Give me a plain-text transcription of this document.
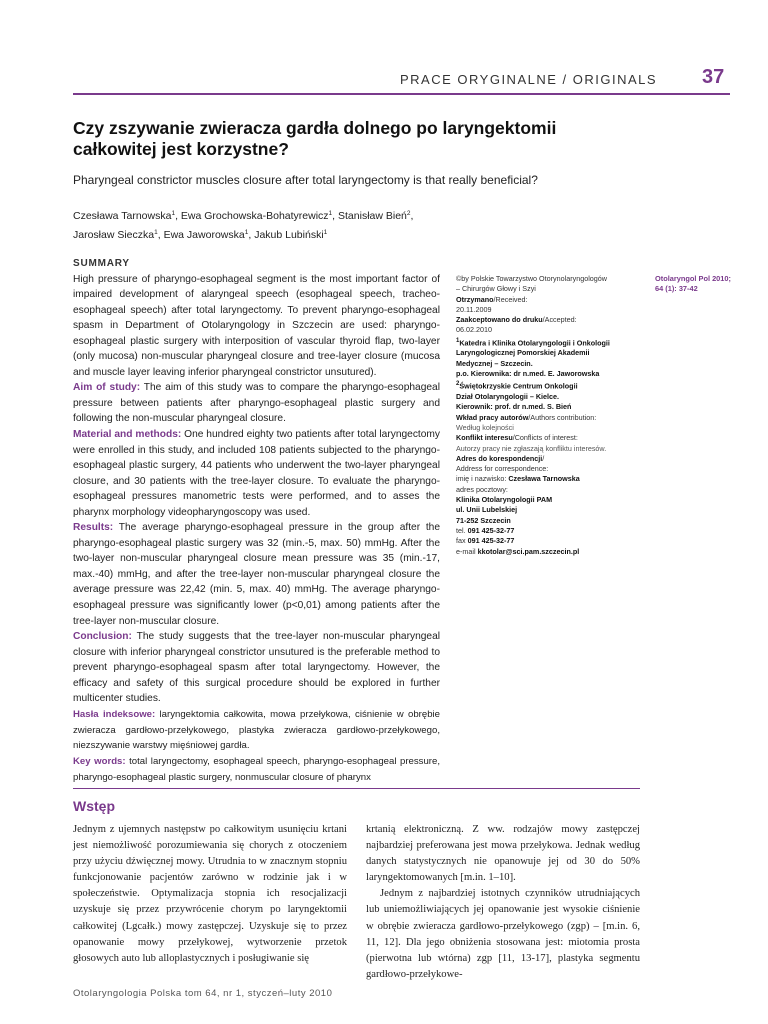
PRACE ORYGINALNE / ORIGINALS 37
Czy zszywanie zwieracza gardła dolnego po laryngektomii całkowitej jest korzystne?
Pharyngeal constrictor muscles closure after total laryngectomy is that really beneficial?
Czesława Tarnowska$^1$, Ewa Grochowska-Bohatyrewicz$^1$, Stanisław Bień$^2$,
Jarosław Sieczka$^1$, Ewa Jaworowska$^1$, Jakub Lubiński$^1$
SUMMARY

High pressure of pharyngo-esophageal segment is the most important factor of impaired development of alaryngeal speech (esophageal speech, tracheo-esophageal speech) after total laryngectomy. To prevent pharyngo-esophageal spasm in Department of Otolaryngology in Szczecin are used: pharyngo-esophageal plastic surgery with interposition of vascular thyroid flap, two-layer (only mucosa) non-muscular pharyngeal closure and tree-layer closure (mucosa and muscle layer leaving inferior pharyngeal constrictor unsutured).

Aim of study: The aim of this study was to compare the pharyngo-esophageal pressure between patients after pharyngo-esophageal plastic surgery and following the non-muscular pharyngeal closure.

Material and methods: One hundred eighty two patients after total laryngectomy were enrolled in this study, and included 108 patients subjected to the pharyngo-esophageal plastic surgery, 44 patients who underwent the two-layer pharyngeal closure, and 30 patients with the tree-layer closure. To evaluate the pharyngo-esophageal pressures manometric tests were performed, and to asses the pharynx morphology videopharyngoscopy was used.

Results: The average pharyngo-esophageal pressure in the group after the pharyngo-esophageal plastic surgery was 32 (min.-5, max. 50) mmHg. After the two-layer non-muscular pharyngeal closure mean pressure was 35 (min.-17, max.-40) mmHg, and after the tree-layer non-muscular pharyngeal closure the average pressure was 22,42 (min. 5, max. 40) mmHg. The average pharyngo-esophageal pressure was significantly lower (p<0,01) among patients after the tree-layer non-muscular closure.

Conclusion: The study suggests that the tree-layer non-muscular pharyngeal closure with inferior pharyngeal constrictor unsutured is the preferable method to prevent pharyngo-esophageal spasm after total laryngectomy. However, the efficacy and safety of this surgical procedure should be explored in further multicenter studies.

Hasła indeksowe: laryngektomia całkowita, mowa przełykowa, ciśnienie w obrębie zwieracza gardłowo-przełykowego, plastyka zwieracza gardłowo-przełykowego, niezszywanie warstwy mięśniowej gardła.

Key words: total laryngectomy, esophageal speech, pharyngo-esophageal pressure, pharyngo-esophageal plastic surgery, nonmuscular closure of pharynx

©by Polskie Towarzystwo Otorynolaryngologów
– Chirurgów Głowy i Szyi
Otrzymano/Received:
20.11.2009
Zaakceptowano do druku/Accepted:
06.02.2010
$^1$Katedra i Klinika Otolaryngologii i Onkologii
Laryngologicznej Pomorskiej Akademii
Medycznej – Szczecin.
p.o. Kierownika: dr n.med. E. Jaworowska
$^2$Świętokrzyskie Centrum Onkologii
Dział Otolaryngologii – Kielce.
Kierownik: prof. dr n.med. S. Bień
Wkład pracy autorów/Authors contribution:
Według kolejności
Konflikt interesu/Conflicts of interest:
Autorzy pracy nie zgłaszają konfliktu interesów.
Adres do korespondencji/
Address for correspondence:
imię i nazwisko: Czesława Tarnowska
adres pocztowy:
Klinika Otolaryngologii PAM
ul. Unii Lubelskiej
71-252 Szczecin
tel. 091 425-32-77
fax 091 425-32-77
e-mail kkotolar@sci.pam.szczecin.pl
Otolaryngol Pol 2010;
64 (1): 37-42
Wstęp

Jednym z ujemnych następstw po całkowitym usunięciu krtani jest niemożliwość porozumiewania się chorych z otoczeniem przy użyciu dźwięcznej mowy. Utrudnia to w znacznym stopniu funkcjonowanie pacjentów zarówno w rodzinie jak i w społeczeństwie. Optymalizacja stopnia ich resocjalizacji uzyskuje się przez przywrócenie chorym po laryngektomii całkowitej (Lgcałk.) mowy zastępczej. Uzyskuje się to przez opanowanie mowy przełykowej, wytworzenie przetok głosowych auto lub alloplastycznych i posługiwanie się

krtanią elektroniczną. Z ww. rodzajów mowy zastępczej najbardziej preferowana jest mowa przełykowa. Jednak według danych statystycznych nie opanowuje jej od 30 do 50% laryngektomowanych [m.in. 1–10].

Jednym z najbardziej istotnych czynników utrudniających lub uniemożliwiających jej opanowanie jest wysokie ciśnienie w obrębie zwieracza gardłowo-przełykowego (zgp) – [m.in. 6, 11, 12]. Dla jego obniżenia stosowana jest: miotomia prosta (pierwotna lub wtórna) zgp [11, 13-17], plastyka segmentu gardłowo-przełykowe-

Otolaryngologia Polska tom 64, nr 1, styczeń–luty 2010
